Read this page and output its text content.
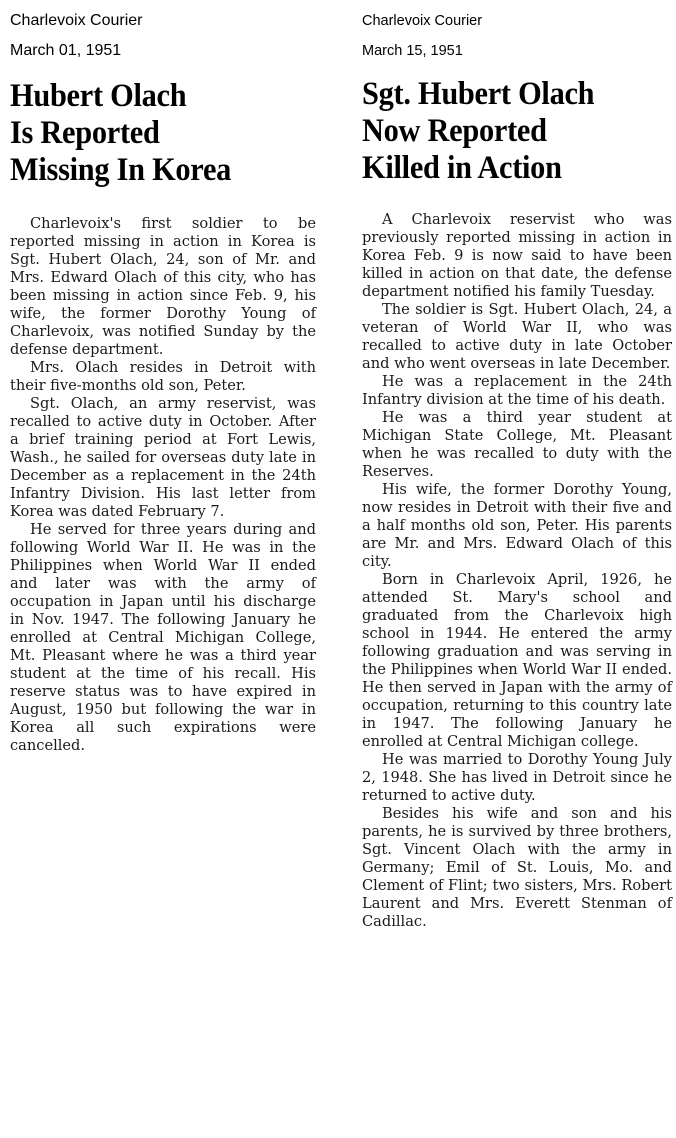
Charlevoix Courier

March 01, 1951

Hubert Olach
Is Reported
Missing In Korea

Charlevoix's first soldier to be reported missing in action in Korea is Sgt. Hubert Olach, 24, son of Mr. and Mrs. Edward Olach of this city, who has been missing in action since Feb. 9, his wife, the former Dorothy Young of Charlevoix, was notified Sunday by the defense department.

Mrs. Olach resides in Detroit with their five-months old son, Peter.

Sgt. Olach, an army reservist, was recalled to active duty in October. After a brief training period at Fort Lewis, Wash., he sailed for overseas duty late in December as a replacement in the 24th Infantry Division. His last letter from Korea was dated February 7.

He served for three years during and following World War II. He was in the Philippines when World War II ended and later was with the army of occupation in Japan until his discharge in Nov. 1947. The following January he enrolled at Central Michigan College, Mt. Pleasant where he was a third year student at the time of his recall. His reserve status was to have expired in August, 1950 but following the war in Korea all such expirations were cancelled.

Charlevoix Courier

March 15, 1951

Sgt. Hubert Olach
Now Reported
Killed in Action

A Charlevoix reservist who was previously reported missing in action in Korea Feb. 9 is now said to have been killed in action on that date, the defense department notified his family Tuesday.

The soldier is Sgt. Hubert Olach, 24, a veteran of World War II, who was recalled to active duty in late October and who went overseas in late December.

He was a replacement in the 24th Infantry division at the time of his death.

He was a third year student at Michigan State College, Mt. Pleasant when he was recalled to duty with the Reserves.

His wife, the former Dorothy Young, now resides in Detroit with their five and a half months old son, Peter. His parents are Mr. and Mrs. Edward Olach of this city.

Born in Charlevoix April, 1926, he attended St. Mary's school and graduated from the Charlevoix high school in 1944. He entered the army following graduation and was serving in the Philippines when World War II ended. He then served in Japan with the army of occupation, returning to this country late in 1947. The following January he enrolled at Central Michigan college.

He was married to Dorothy Young July 2, 1948. She has lived in Detroit since he returned to active duty.

Besides his wife and son and his parents, he is survived by three brothers, Sgt. Vincent Olach with the army in Germany; Emil of St. Louis, Mo. and Clement of Flint; two sisters, Mrs. Robert Laurent and Mrs. Everett Stenman of Cadillac.
